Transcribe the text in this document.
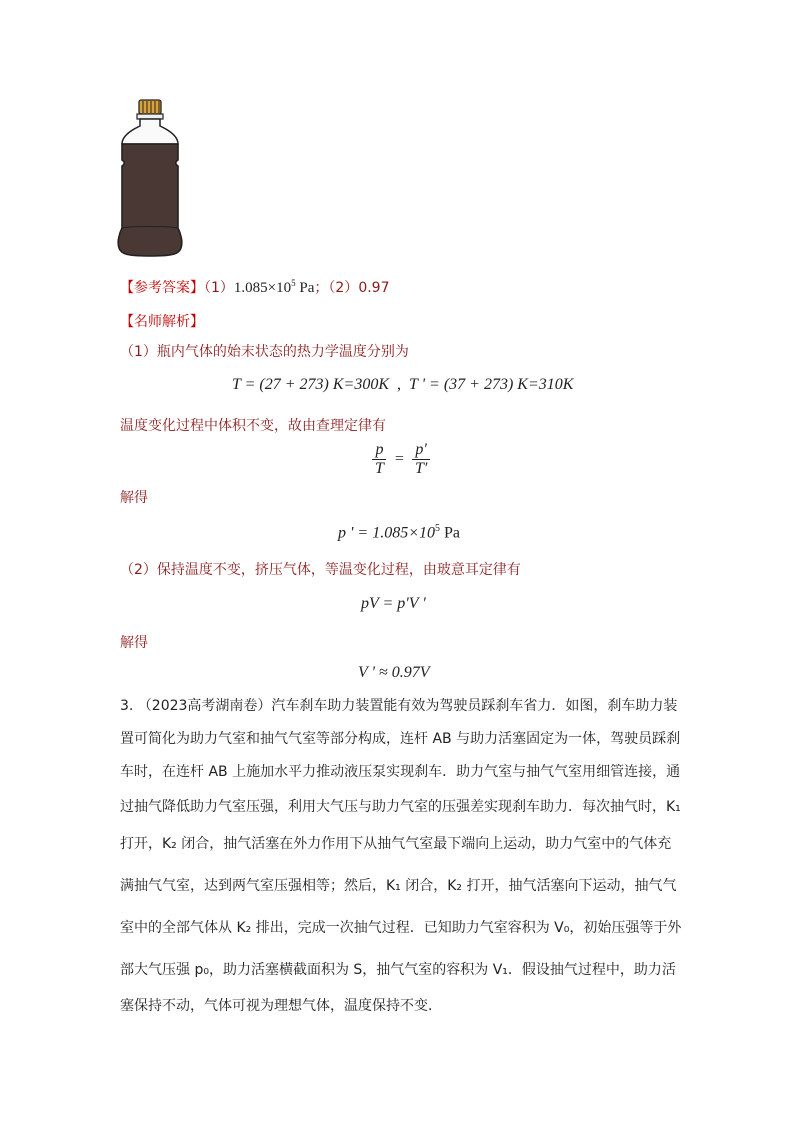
【参考答案】$(1)1.085\times 10^5$ Pa；（2）0.97
【名师解析】
（1）瓶内气体的始末状态的热力学温度分别为
T = (27 + 273) K=300K  ,  T ' = (37 + 273) K=310K
温度变化过程中体积不变，故由查理定律有
$\frac{p}{T} = \frac{p'}{T'}$
解得
p ' = $1.085\times 10^5$ Pa
（2）保持温度不变，挤压气体，等温变化过程，由玻意耳定律有
pV = p'V '
解得
V ' ≈ 0.97V
3. （2023高考湖南卷）汽车刹车助力装置能有效为驾驶员踩刹车省力．如图，刹车助力装
置可简化为助力气室和抽气气室等部分构成，连杆 AB 与助力活塞固定为一体，驾驶员踩刹
车时，在连杆 AB 上施加水平力推动液压泵实现刹车．助力气室与抽气气室用细管连接，通
过抽气降低助力气室压强，利用大气压与助力气室的压强差实现刹车助力．每次抽气时，K₁
打开，K₂ 闭合，抽气活塞在外力作用下从抽气气室最下端向上运动，助力气室中的气体充
满抽气气室，达到两气室压强相等；然后，K₁ 闭合，K₂ 打开，抽气活塞向下运动，抽气气
室中的全部气体从 K₂ 排出，完成一次抽气过程．已知助力气室容积为 V₀，初始压强等于外
部大气压强 p₀，助力活塞横截面积为 S，抽气气室的容积为 V₁．假设抽气过程中，助力活
塞保持不动，气体可视为理想气体，温度保持不变．
